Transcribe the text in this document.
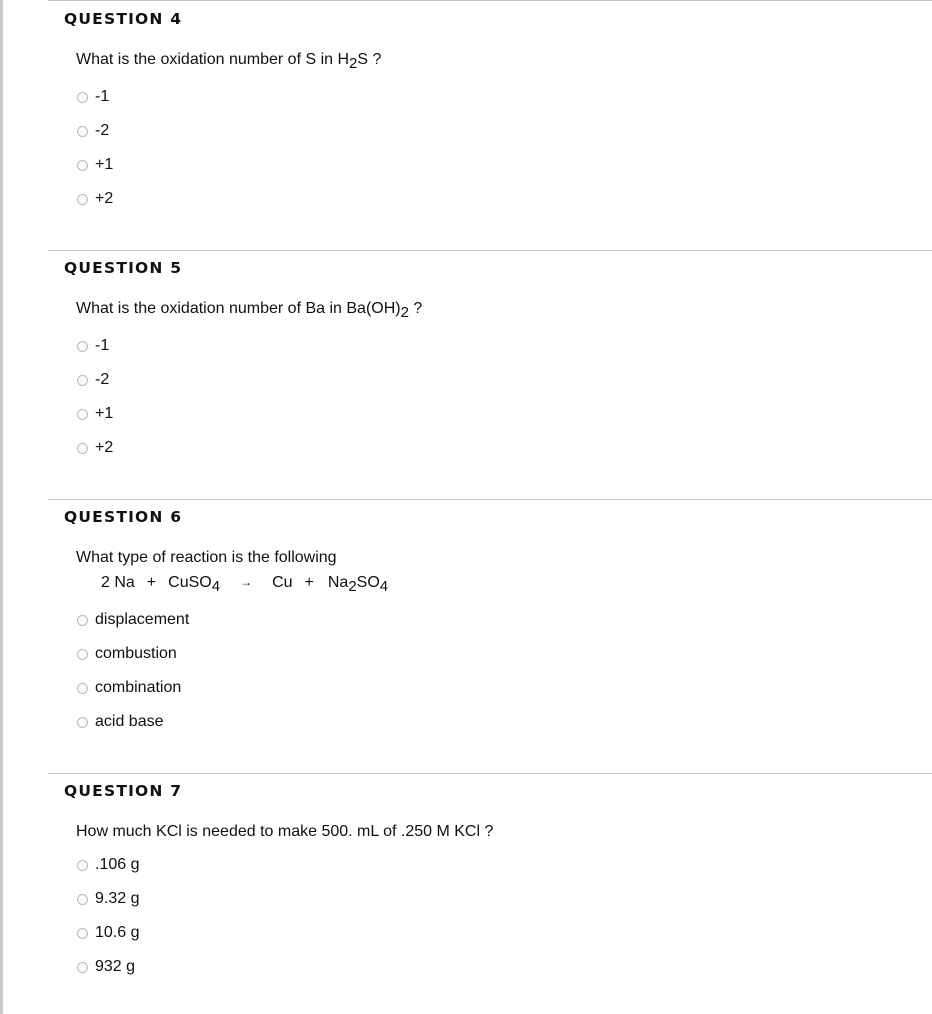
QUESTION 4
What is the oxidation number of S in $H_2S$ ?
-1
-2
+1
+2
QUESTION 5
What is the oxidation number of Ba in $Ba(OH)_2$ ?
-1
-2
+1
+2
QUESTION 6
What type of reaction is the following
2 Na + CuSO$_4$ → $Cu + Na_2SO_4$
displacement
combustion
combination
acid base
QUESTION 7
How much KCl is needed to make 500. mL of .250 M KCl ?
.106 g
9.32 g
10.6 g
932 g
